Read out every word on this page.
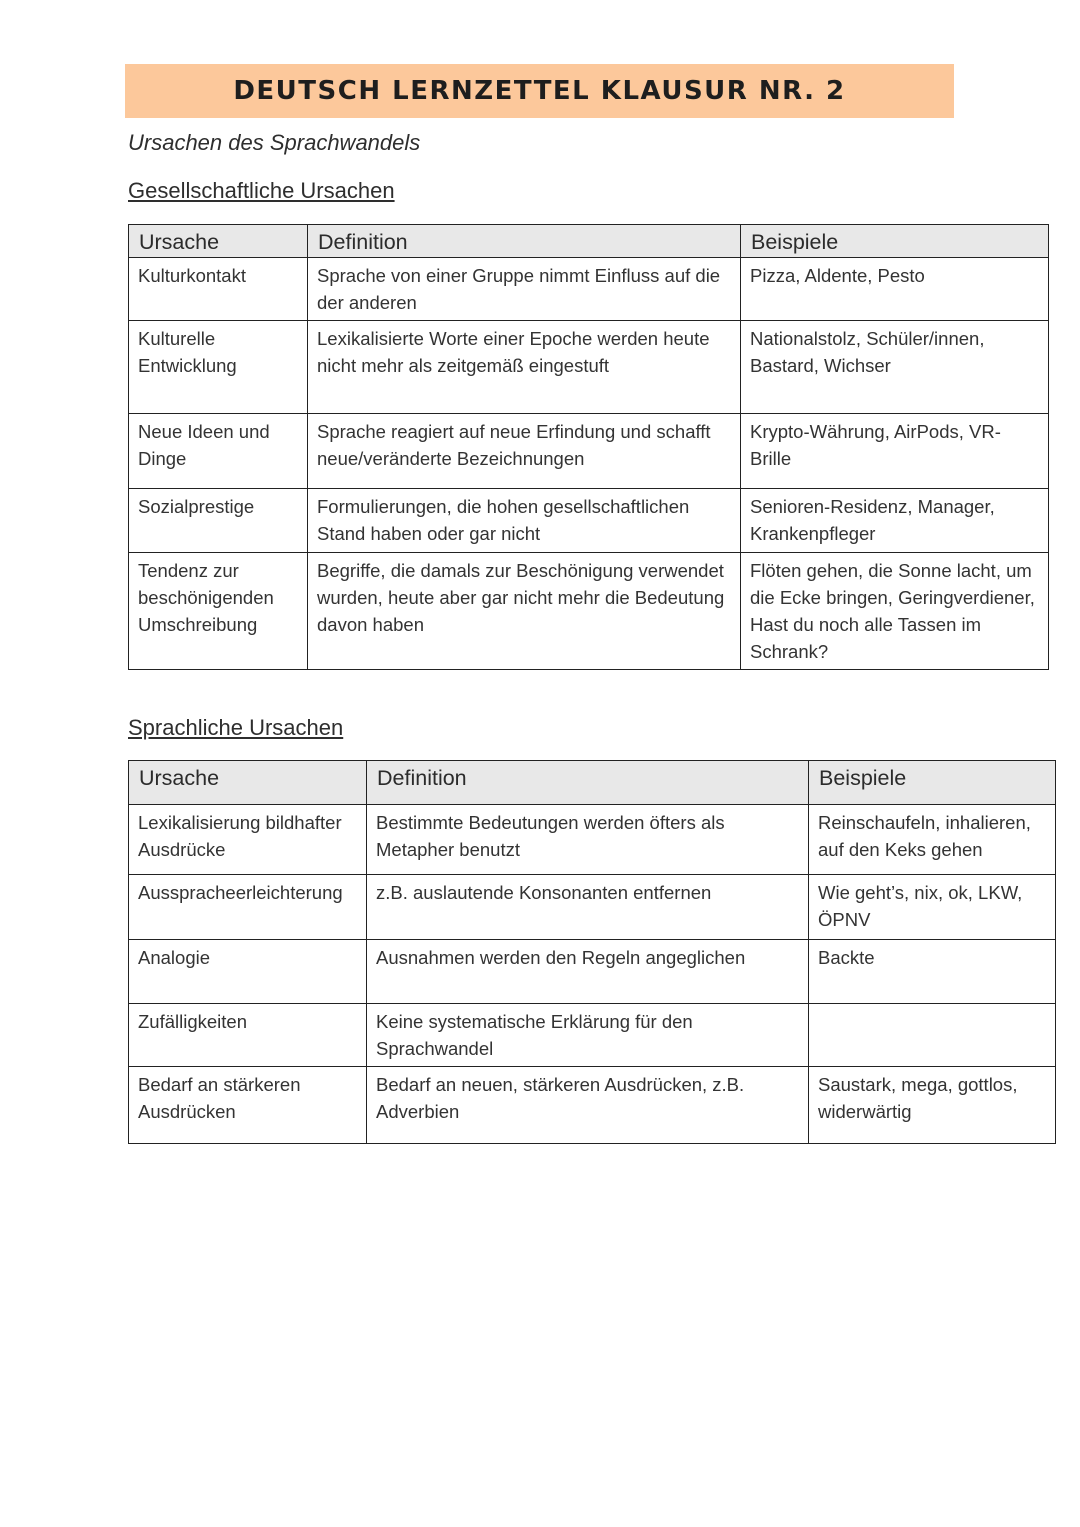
DEUTSCH LERNZETTEL KLAUSUR NR. 2
Ursachen des Sprachwandels
Gesellschaftliche Ursachen
Ursache	Definition	Beispiele
Kulturkontakt	Sprache von einer Gruppe nimmt Einfluss auf die der anderen	Pizza, Aldente, Pesto
Kulturelle Entwicklung	Lexikalisierte Worte einer Epoche werden heute nicht mehr als zeitgemäß eingestuft	Nationalstolz, Schüler/innen, Bastard, Wichser
Neue Ideen und Dinge	Sprache reagiert auf neue Erfindung und schafft neue/veränderte Bezeichnungen	Krypto-Währung, AirPods, VR-Brille
Sozialprestige	Formulierungen, die hohen gesellschaftlichen Stand haben oder gar nicht	Senioren-Residenz, Manager, Krankenpfleger
Tendenz zur beschönigenden Umschreibung	Begriffe, die damals zur Beschönigung verwendet wurden, heute aber gar nicht mehr die Bedeutung davon haben	Flöten gehen, die Sonne lacht, um die Ecke bringen, Geringverdiener, Hast du noch alle Tassen im Schrank?
Sprachliche Ursachen
Ursache	Definition	Beispiele
Lexikalisierung bildhafter Ausdrücke	Bestimmte Bedeutungen werden öfters als Metapher benutzt	Reinschaufeln, inhalieren, auf den Keks gehen
Ausspracheerleichterung	z.B. auslautende Konsonanten entfernen	Wie geht’s, nix, ok, LKW, ÖPNV
Analogie	Ausnahmen werden den Regeln angeglichen	Backte
Zufälligkeiten	Keine systematische Erklärung für den Sprachwandel	
Bedarf an stärkeren Ausdrücken	Bedarf an neuen, stärkeren Ausdrücken, z.B. Adverbien	Saustark, mega, gottlos, widerwärtig
